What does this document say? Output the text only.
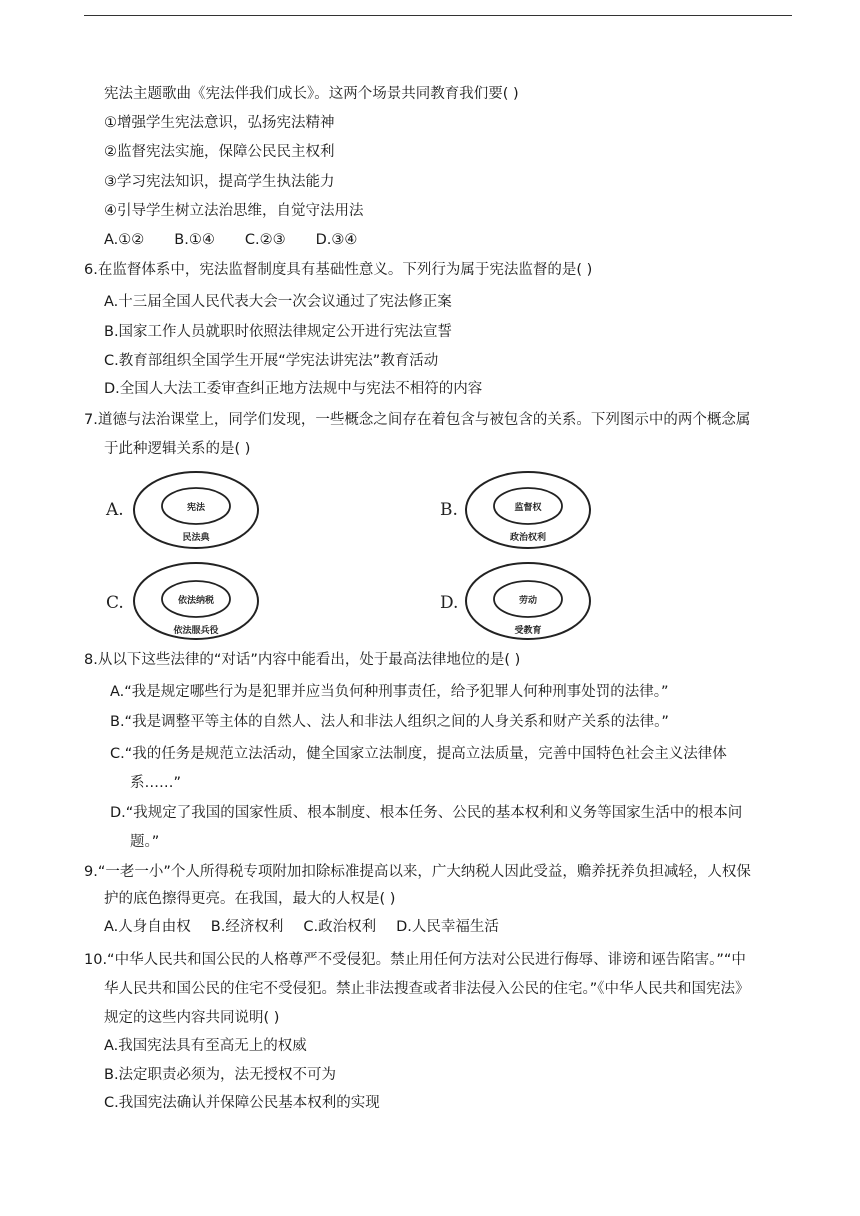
宪法主题歌曲《宪法伴我们成长》。这两个场景共同教育我们要( )
①增强学生宪法意识，弘扬宪法精神
②监督宪法实施，保障公民民主权利
③学习宪法知识，提高学生执法能力
④引导学生树立法治思维，自觉守法用法
A.①② B.①④ C.②③ D.③④
6.在监督体系中，宪法监督制度具有基础性意义。下列行为属于宪法监督的是( )
A.十三届全国人民代表大会一次会议通过了宪法修正案
B.国家工作人员就职时依照法律规定公开进行宪法宣誓
C.教育部组织全国学生开展“学宪法讲宪法”教育活动
D.全国人大法工委审查纠正地方法规中与宪法不相符的内容
7.道德与法治课堂上，同学们发现，一些概念之间存在着包含与被包含的关系。下列图示中的两个概念属
于此种逻辑关系的是( )
A.	宪法
民法典
B.	监督权
政治权利
C.	依法纳税
依法服兵役
D.	劳动
受教育
8.从以下这些法律的“对话”内容中能看出，处于最高法律地位的是( )
A.“我是规定哪些行为是犯罪并应当负何种刑事责任，给予犯罪人何种刑事处罚的法律。”
B.“我是调整平等主体的自然人、法人和非法人组织之间的人身关系和财产关系的法律。”
C.“我的任务是规范立法活动，健全国家立法制度，提高立法质量，完善中国特色社会主义法律体
系……”
D.“我规定了我国的国家性质、根本制度、根本任务、公民的基本权利和义务等国家生活中的根本问
题。”
9.“一老一小”个人所得税专项附加扣除标准提高以来，广大纳税人因此受益，赡养抚养负担减轻，人权保
护的底色擦得更亮。在我国，最大的人权是( )
A.人身自由权 B.经济权利 C.政治权利 D.人民幸福生活
10.“中华人民共和国公民的人格尊严不受侵犯。禁止用任何方法对公民进行侮辱、诽谤和诬告陷害。”“中
华人民共和国公民的住宅不受侵犯。禁止非法搜查或者非法侵入公民的住宅。”《中华人民共和国宪法》
规定的这些内容共同说明( )
A.我国宪法具有至高无上的权威
B.法定职责必须为，法无授权不可为
C.我国宪法确认并保障公民基本权利的实现
